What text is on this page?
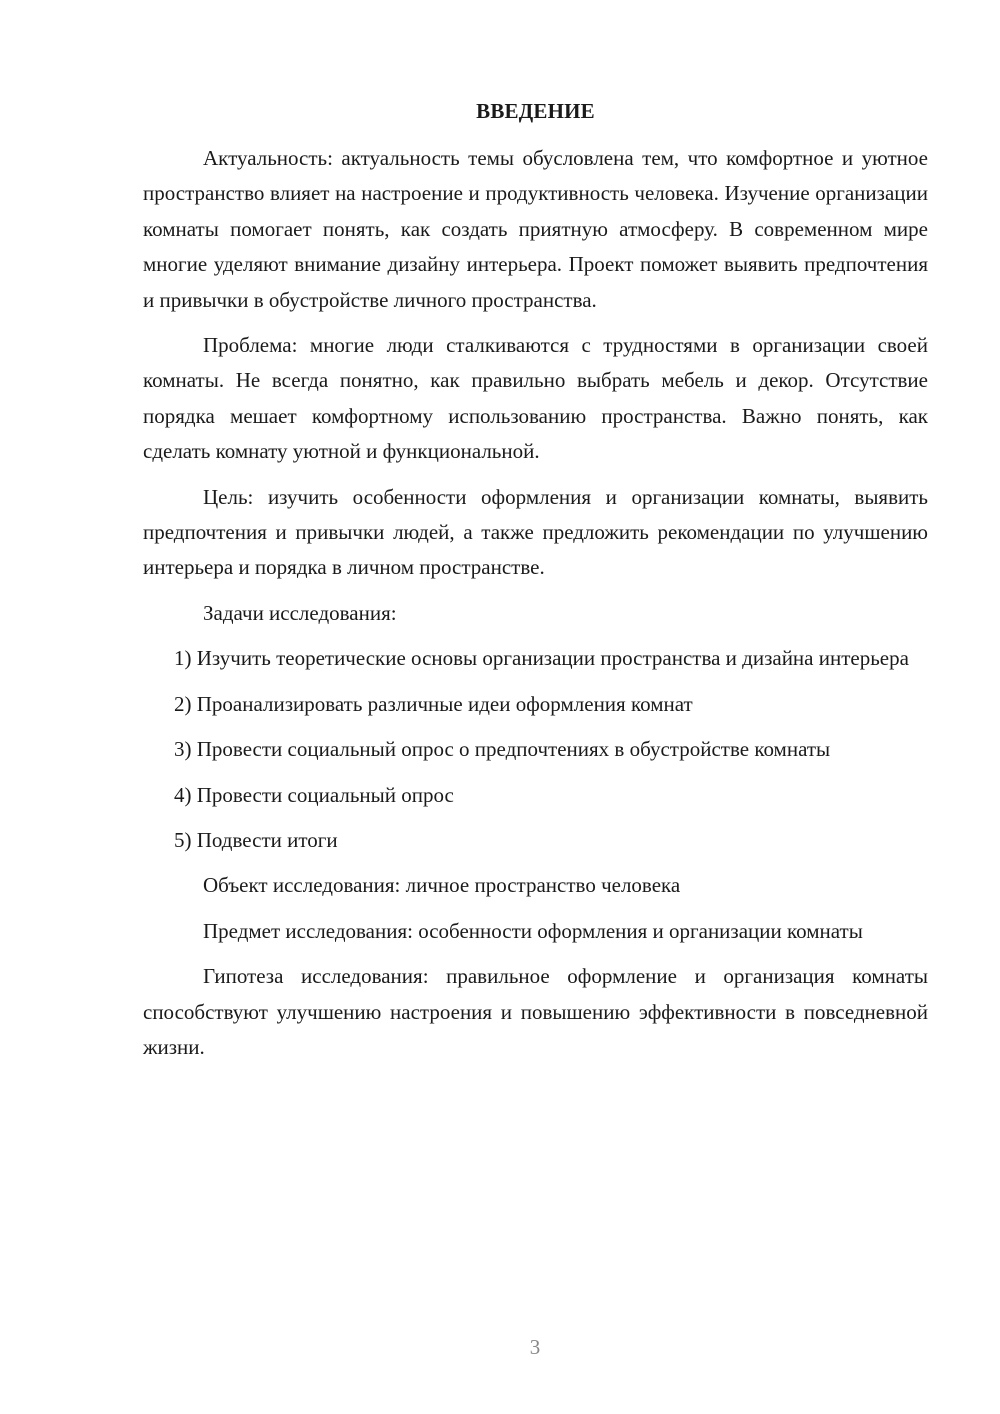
ВВЕДЕНИЕ

Актуальность: актуальность темы обусловлена тем, что комфортное и уютное пространство влияет на настроение и продуктивность человека. Изучение организации комнаты помогает понять, как создать приятную атмосферу. В современном мире многие уделяют внимание дизайну интерьера. Проект поможет выявить предпочтения и привычки в обустройстве личного пространства.

Проблема: многие люди сталкиваются с трудностями в организации своей комнаты. Не всегда понятно, как правильно выбрать мебель и декор. Отсутствие порядка мешает комфортному использованию пространства. Важно понять, как сделать комнату уютной и функциональной.

Цель: изучить особенности оформления и организации комнаты, выявить предпочтения и привычки людей, а также предложить рекомендации по улучшению интерьера и порядка в личном пространстве.

Задачи исследования:

1) Изучить теоретические основы организации пространства и дизайна интерьера

2) Проанализировать различные идеи оформления комнат

3) Провести социальный опрос о предпочтениях в обустройстве комнаты

4) Провести социальный опрос

5) Подвести итоги

Объект исследования: личное пространство человека

Предмет исследования: особенности оформления и организации комнаты

Гипотеза исследования: правильное оформление и организация комнаты способствуют улучшению настроения и повышению эффективности в повседневной жизни.

3
